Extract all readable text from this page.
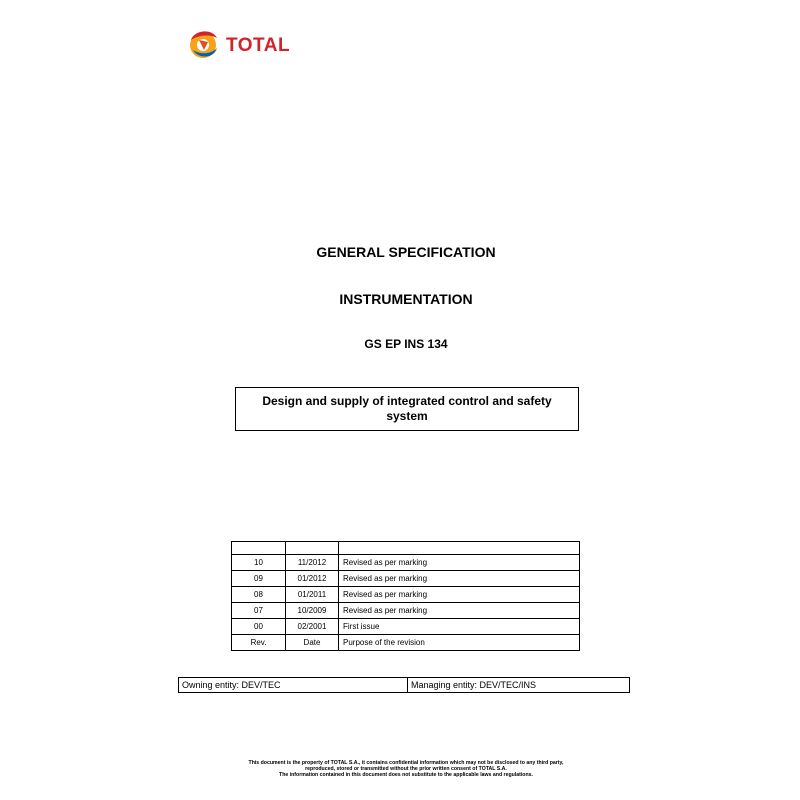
TOTAL
GENERAL SPECIFICATION
INSTRUMENTATION
GS EP INS 134
Design and supply of integrated control and safety system

10	11/2012	Revised as per marking
09	01/2012	Revised as per marking
08	01/2011	Revised as per marking
07	10/2009	Revised as per marking
00	02/2001	First issue
Rev.	Date	Purpose of the revision
Owning entity: DEV/TEC	Managing entity: DEV/TEC/INS
This document is the property of TOTAL S.A., it contains confidential information which may not be disclosed to any third party,
reproduced, stored or transmitted without the prior written consent of TOTAL S.A.
The information contained in this document does not substitute to the applicable laws and regulations.
